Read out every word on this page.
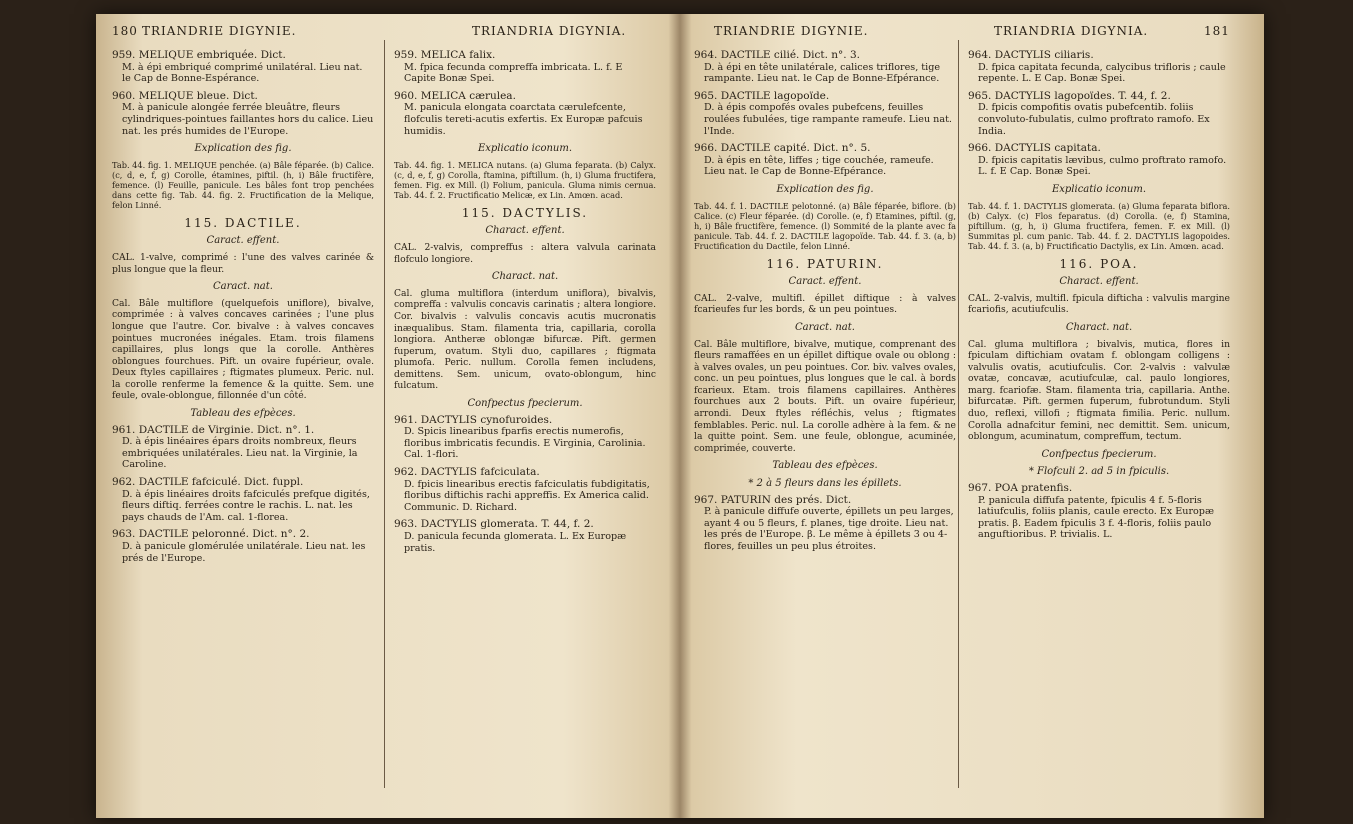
180 TRIANDRIE DIGYNIE.	TRIANDRIA DIGYNIA.
959. MELIQUE embriquée. Dict.
M. à épi embriqué comprimé unilatéral. Lieu nat. le Cap de Bonne-Espérance.
960. MELIQUE bleue. Dict.
M. à panicule alongée ferrée bleuâtre, fleurs cylindriques-pointues faillantes hors du calice. Lieu nat. les prés humides de l'Europe.
Explication des fig.
Tab. 44. fig. 1. MELIQUE penchée. (a) Bâle féparée. (b) Calice. (c, d, e, f, g) Corolle, étamines, piftil. (h, i) Bâle fructifère, femence. (l) Feuille, panicule. Les bâles font trop penchées dans cette fig. Tab. 44. fig. 2. Fructification de la Melique, felon Linné.
115. DACTILE.
Caract. effent.
CAL. 1-valve, comprimé : l'une des valves carinée & plus longue que la fleur.
Caract. nat.
Cal. Bâle multiflore (quelquefois uniflore), bivalve, comprimée : à valves concaves carinées ; l'une plus longue que l'autre. Cor. bivalve : à valves concaves pointues mucronées inégales. Etam. trois filamens capillaires, plus longs que la corolle. Anthères oblongues fourchues. Pift. un ovaire fupérieur, ovale. Deux ftyles capillaires ; ftigmates plumeux. Peric. nul. la corolle renferme la femence & la quitte. Sem. une feule, ovale-oblongue, fillonnée d'un côté.
Tableau des efpèces.
961. DACTILE de Virginie. Dict. n°. 1.
D. à épis linéaires épars droits nombreux, fleurs embriquées unilatérales. Lieu nat. la Virginie, la Caroline.
962. DACTILE fafciculé. Dict. fuppl.
D. à épis linéaires droits fafciculés prefque digités, fleurs diftiq. ferrées contre le rachis. L. nat. les pays chauds de l'Am. cal. 1-florea.
963. DACTILE peloronné. Dict. n°. 2.
D. à panicule glomérulée unilatérale. Lieu nat. les prés de l'Europe.
959. MELICA falix.
M. fpica fecunda compreffa imbricata. L. f. E Capite Bonæ Spei.
960. MELICA cærulea.
M. panicula elongata coarctata cærulefcente, flofculis tereti-acutis exfertis. Ex Europæ pafcuis humidis.
Explicatio iconum.
Tab. 44. fig. 1. MELICA nutans. (a) Gluma feparata. (b) Calyx. (c, d, e, f, g) Corolla, ftamina, piftillum. (h, i) Gluma fructifera, femen. Fig. ex Mill. (l) Folium, panicula. Gluma nimis cernua. Tab. 44. f. 2. Fructificatio Melicæ, ex Lin. Amœn. acad.
115. DACTYLIS.
Charact. effent.
CAL. 2-valvis, compreffus : altera valvula carinata flofculo longiore.
Charact. nat.
Cal. gluma multiflora (interdum uniflora), bivalvis, compreffa : valvulis concavis carinatis ; altera longiore. Cor. bivalvis : valvulis concavis acutis mucronatis inæqualibus. Stam. filamenta tria, capillaria, corolla longiora. Antheræ oblongæ bifurcæ. Pift. germen fuperum, ovatum. Styli duo, capillares ; ftigmata plumofa. Peric. nullum. Corolla femen includens, demittens. Sem. unicum, ovato-oblongum, hinc fulcatum.
Confpectus fpecierum.
961. DACTYLIS cynofuroides.
D. Spicis linearibus fparfis erectis numerofis, floribus imbricatis fecundis. E Virginia, Carolinia. Cal. 1-flori.
962. DACTYLIS fafciculata.
D. fpicis linearibus erectis fafciculatis fubdigitatis, floribus diftichis rachi appreffis. Ex America calid. Communic. D. Richard.
963. DACTYLIS glomerata. T. 44, f. 2.
D. panicula fecunda glomerata. L. Ex Europæ pratis.
TRIANDRIE DIGYNIE.	TRIANDRIA DIGYNIA.	181
964. DACTILE cilié. Dict. n°. 3.
D. à épi en tête unilatérale, calices triflores, tige rampante. Lieu nat. le Cap de Bonne-Efpérance.
965. DACTILE lagopoïde.
D. à épis compofés ovales pubefcens, feuilles roulées fubulées, tige rampante rameufe. Lieu nat. l'Inde.
966. DACTILE capité. Dict. n°. 5.
D. à épis en tête, liffes ; tige couchée, rameufe. Lieu nat. le Cap de Bonne-Efpérance.
Explication des fig.
Tab. 44. f. 1. DACTILE pelotonné. (a) Bâle féparée, biflore. (b) Calice. (c) Fleur féparée. (d) Corolle. (e, f) Etamines, piftil. (g, h, i) Bâle fructifère, femence. (l) Sommité de la plante avec fa panicule. Tab. 44. f. 2. DACTILE lagopoïde. Tab. 44. f. 3. (a, b) Fructification du Dactile, felon Linné.
116. PATURIN.
Caract. effent.
CAL. 2-valve, multifl. épillet diftique : à valves fcarieufes fur les bords, & un peu pointues.
Caract. nat.
Cal. Bâle multiflore, bivalve, mutique, comprenant des fleurs ramaffées en un épillet diftique ovale ou oblong : à valves ovales, un peu pointues. Cor. biv. valves ovales, conc. un peu pointues, plus longues que le cal. à bords fcarieux. Etam. trois filamens capillaires. Anthères fourchues aux 2 bouts. Pift. un ovaire fupérieur, arrondi. Deux ftyles réfléchis, velus ; ftigmates femblables. Peric. nul. La corolle adhère à la fem. & ne la quitte point. Sem. une feule, oblongue, acuminée, comprimée, couverte.
Tableau des efpèces.
* 2 à 5 fleurs dans les épillets.
967. PATURIN des prés. Dict.
P. à panicule diffufe ouverte, épillets un peu larges, ayant 4 ou 5 fleurs, f. planes, tige droite. Lieu nat. les prés de l'Europe. β. Le même à épillets 3 ou 4-flores, feuilles un peu plus étroites.
964. DACTYLIS ciliaris.
D. fpica capitata fecunda, calycibus trifloris ; caule repente. L. E Cap. Bonæ Spei.
965. DACTYLIS lagopoïdes. T. 44, f. 2.
D. fpicis compofitis ovatis pubefcentib. foliis convoluto-fubulatis, culmo proftrato ramofo. Ex India.
966. DACTYLIS capitata.
D. fpicis capitatis lævibus, culmo proftrato ramofo. L. f. E Cap. Bonæ Spei.
Explicatio iconum.
Tab. 44. f. 1. DACTYLIS glomerata. (a) Gluma feparata biflora. (b) Calyx. (c) Flos feparatus. (d) Corolla. (e, f) Stamina, piftillum. (g, h, i) Gluma fructifera, femen. F. ex Mill. (l) Summitas pl. cum panic. Tab. 44. f. 2. DACTYLIS lagopoides. Tab. 44. f. 3. (a, b) Fructificatio Dactylis, ex Lin. Amœn. acad.
116. POA.
Charact. effent.
CAL. 2-valvis, multifl. fpicula difticha : valvulis margine fcariofis, acutiufculis.
Charact. nat.
Cal. gluma multiflora ; bivalvis, mutica, flores in fpiculam diftichiam ovatam f. oblongam colligens : valvulis ovatis, acutiufculis. Cor. 2-valvis : valvulæ ovatæ, concavæ, acutiufculæ, cal. paulo longiores, marg. fcariofæ. Stam. filamenta tria, capillaria. Anthe. bifurcatæ. Pift. germen fuperum, fubrotundum. Styli duo, reflexi, villofi ; ftigmata fimilia. Peric. nullum. Corolla adnafcitur femini, nec demittit. Sem. unicum, oblongum, acuminatum, compreffum, tectum.
Confpectus fpecierum.
* Flofculi 2. ad 5 in fpiculis.
967. POA pratenfis.
P. panicula diffufa patente, fpiculis 4 f. 5-floris latiufculis, foliis planis, caule erecto. Ex Europæ pratis. β. Eadem fpiculis 3 f. 4-floris, foliis paulo anguftioribus. P. trivialis. L.
